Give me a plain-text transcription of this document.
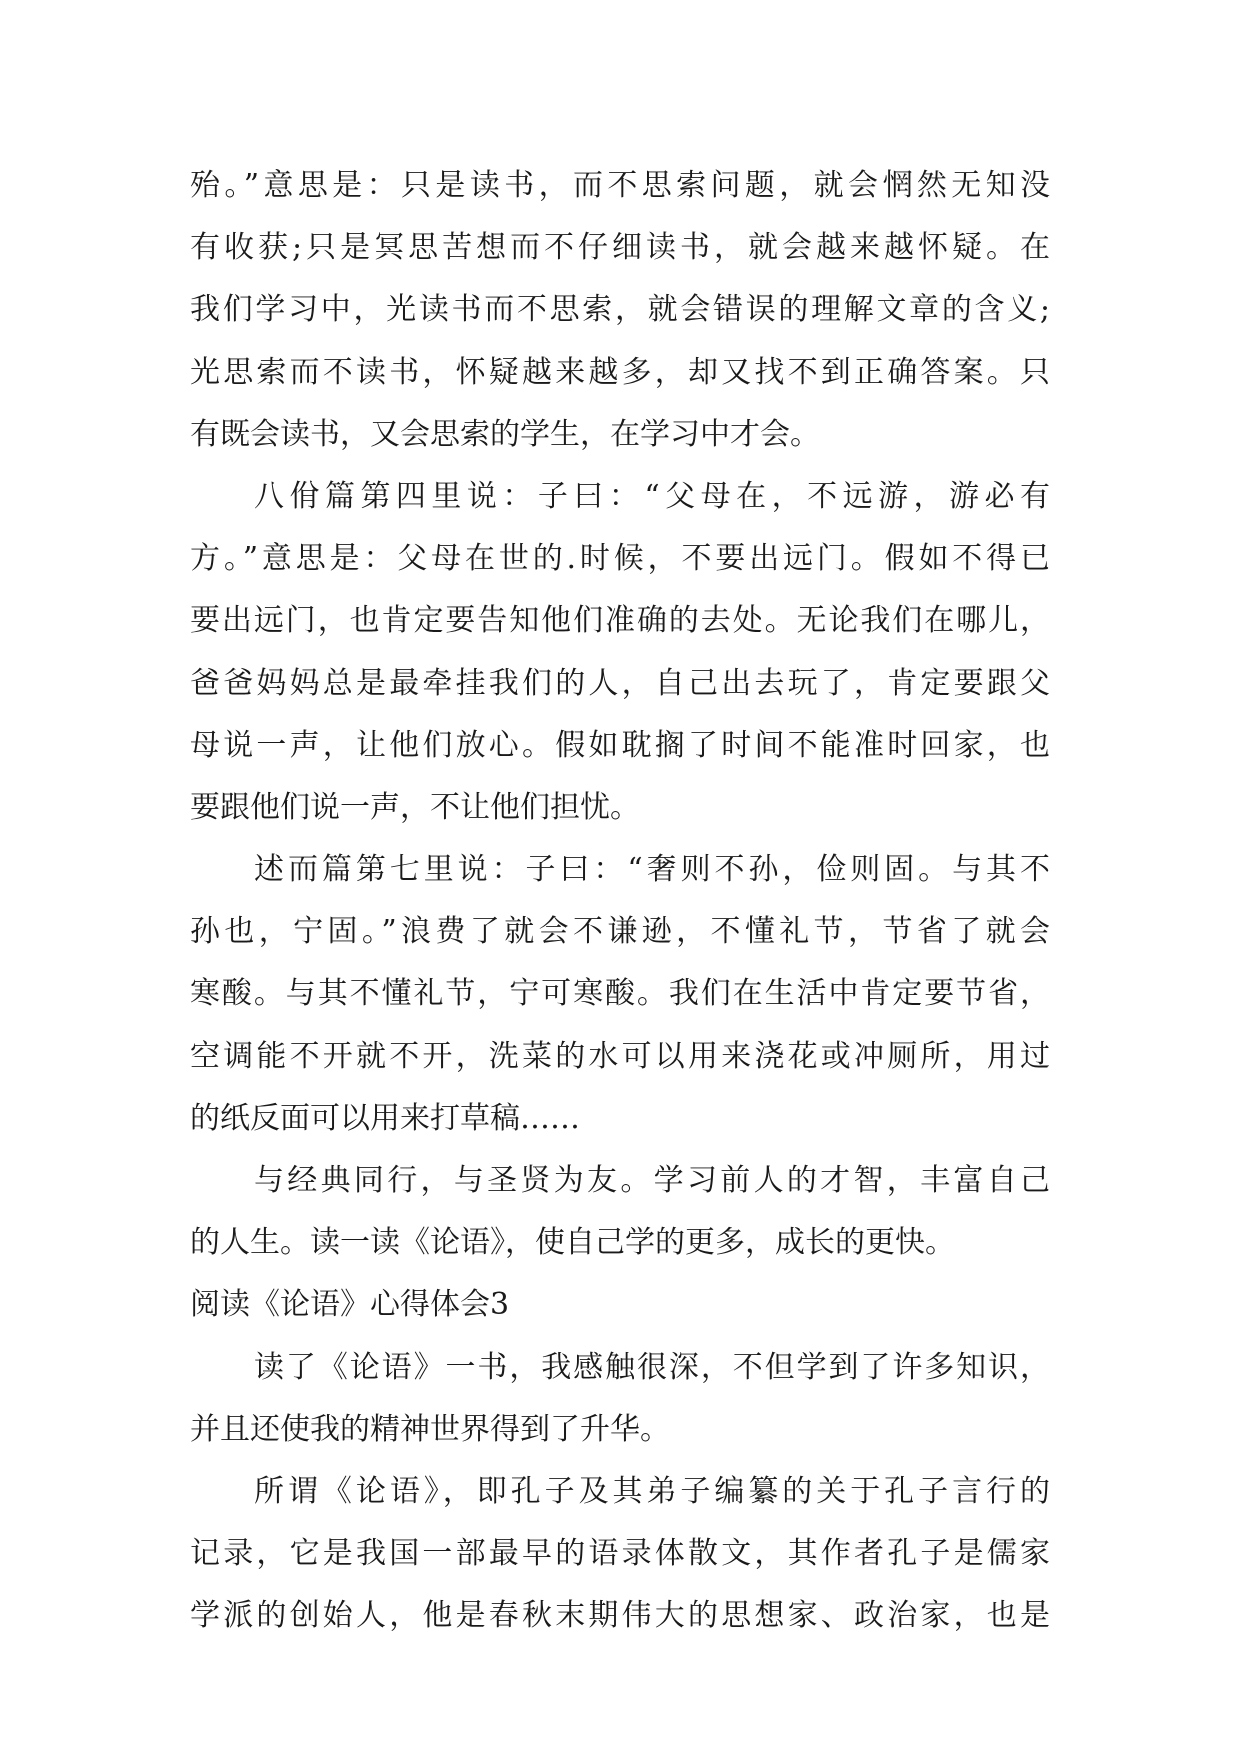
殆。”意思是：只是读书，而不思索问题，就会惘然无知没
有收获;只是冥思苦想而不仔细读书，就会越来越怀疑。在
我们学习中，光读书而不思索，就会错误的理解文章的含义;
光思索而不读书，怀疑越来越多，却又找不到正确答案。只
有既会读书，又会思索的学生，在学习中才会。
八佾篇第四里说：子曰：“父母在，不远游，游必有
方。”意思是：父母在世的.时候，不要出远门。假如不得已
要出远门，也肯定要告知他们准确的去处。无论我们在哪儿，
爸爸妈妈总是最牵挂我们的人，自己出去玩了，肯定要跟父
母说一声，让他们放心。假如耽搁了时间不能准时回家，也
要跟他们说一声，不让他们担忧。
述而篇第七里说：子曰：“奢则不孙，俭则固。与其不
孙也，宁固。”浪费了就会不谦逊，不懂礼节，节省了就会
寒酸。与其不懂礼节，宁可寒酸。我们在生活中肯定要节省，
空调能不开就不开，洗菜的水可以用来浇花或冲厕所，用过
的纸反面可以用来打草稿……
与经典同行，与圣贤为友。学习前人的才智，丰富自己
的人生。读一读《论语》，使自己学的更多，成长的更快。
阅读《论语》心得体会3
读了《论语》一书，我感触很深，不但学到了许多知识，
并且还使我的精神世界得到了升华。
所谓《论语》，即孔子及其弟子编纂的关于孔子言行的
记录，它是我国一部最早的语录体散文，其作者孔子是儒家
学派的创始人，他是春秋末期伟大的思想家、政治家，也是
